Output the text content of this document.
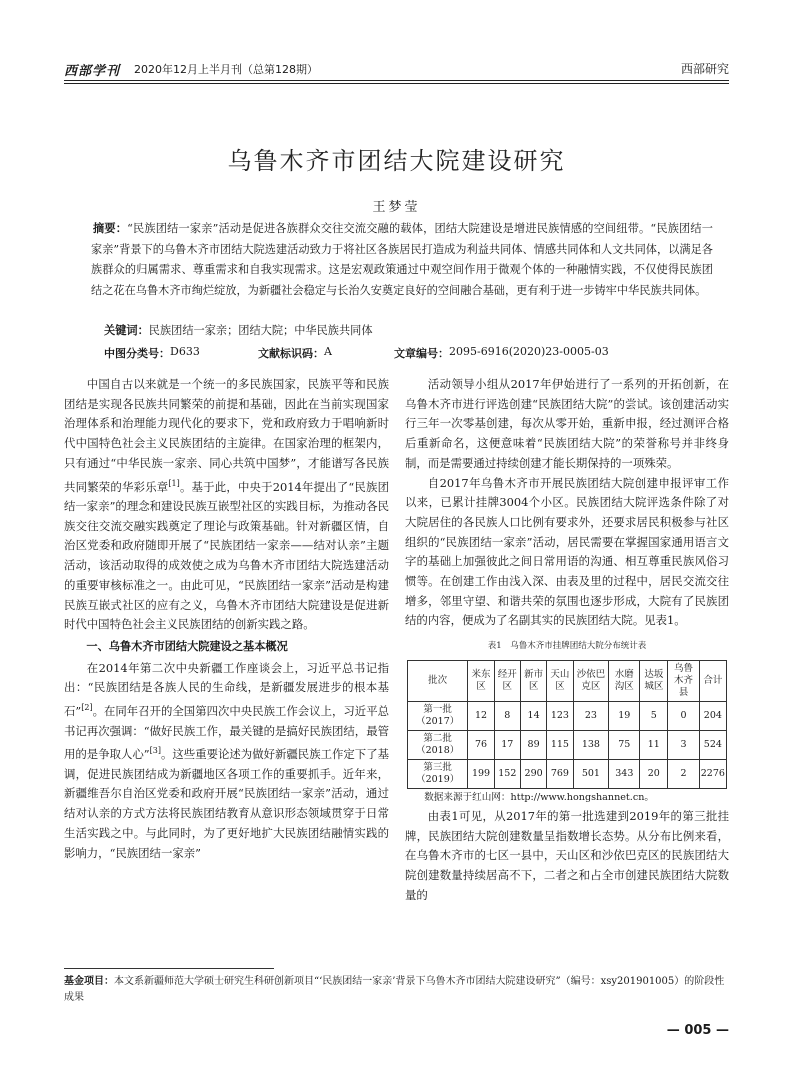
西部学刊 2020年12月上半月刊（总第128期）	西部研究
乌鲁木齐市团结大院建设研究
王梦莹
摘要：“民族团结一家亲”活动是促进各族群众交往交流交融的载体，团结大院建设是增进民族情感的空间纽带。“民族团结一家亲”背景下的乌鲁木齐市团结大院选建活动致力于将社区各族居民打造成为利益共同体、情感共同体和人文共同体，以满足各族群众的归属需求、尊重需求和自我实现需求。这是宏观政策通过中观空间作用于微观个体的一种融情实践，不仅使得民族团结之花在乌鲁木齐市绚烂绽放，为新疆社会稳定与长治久安奠定良好的空间融合基础，更有利于进一步铸牢中华民族共同体。
关键词：民族团结一家亲；团结大院；中华民族共同体
中图分类号： D633	文献标识码： A	文章编号： 2095-6916(2020)23-0005-03

中国自古以来就是一个统一的多民族国家，民族平等和民族团结是实现各民族共同繁荣的前提和基础，因此在当前实现国家治理体系和治理能力现代化的要求下，党和政府致力于唱响新时代中国特色社会主义民族团结的主旋律。在国家治理的框架内，只有通过“中华民族一家亲、同心共筑中国梦”，才能谱写各民族共同繁荣的华彩乐章[1]。基于此，中央于2014年提出了“民族团结一家亲”的理念和建设民族互嵌型社区的实践目标，为推动各民族交往交流交融实践奠定了理论与政策基础。针对新疆区情，自治区党委和政府随即开展了“民族团结一家亲——结对认亲”主题活动，该活动取得的成效使之成为乌鲁木齐市团结大院选建活动的重要审核标准之一。由此可见，“民族团结一家亲”活动是构建民族互嵌式社区的应有之义，乌鲁木齐市团结大院建设是促进新时代中国特色社会主义民族团结的创新实践之路。

一、乌鲁木齐市团结大院建设之基本概况

在2014年第二次中央新疆工作座谈会上，习近平总书记指出：“民族团结是各族人民的生命线，是新疆发展进步的根本基石”[2]。在同年召开的全国第四次中央民族工作会议上，习近平总书记再次强调：“做好民族工作，最关键的是搞好民族团结，最管用的是争取人心”[3]。这些重要论述为做好新疆民族工作定下了基调，促进民族团结成为新疆地区各项工作的重要抓手。近年来，新疆维吾尔自治区党委和政府开展“民族团结一家亲”活动，通过结对认亲的方式方法将民族团结教育从意识形态领域贯穿于日常生活实践之中。与此同时，为了更好地扩大民族团结融情实践的影响力，“民族团结一家亲”

活动领导小组从2017年伊始进行了一系列的开拓创新，在乌鲁木齐市进行评选创建“民族团结大院”的尝试。该创建活动实行三年一次零基创建，每次从零开始，重新申报，经过测评合格后重新命名，这便意味着“民族团结大院”的荣誉称号并非终身制，而是需要通过持续创建才能长期保持的一项殊荣。

自2017年乌鲁木齐市开展民族团结大院创建申报评审工作以来，已累计挂牌3004个小区。民族团结大院评选条件除了对大院居住的各民族人口比例有要求外，还要求居民积极参与社区组织的“民族团结一家亲”活动，居民需要在掌握国家通用语言文字的基础上加强彼此之间日常用语的沟通、相互尊重民族风俗习惯等。在创建工作由浅入深、由表及里的过程中，居民交流交往增多，邻里守望、和谐共荣的氛围也逐步形成，大院有了民族团结的内容，便成为了名副其实的民族团结大院。见表1。

表1　乌鲁木齐市挂牌团结大院分布统计表
批次	米东区	经开区	新市区	天山区	沙依巴克区	水磨沟区	达坂城区	乌鲁木齐县	合计
第一批（2017）	12	8	14	123	23	19	5	0	204
第二批（2018）	76	17	89	115	138	75	11	3	524
第三批（2019）	199	152	290	769	501	343	20	2	2276
数据来源于红山网：http://www.hongshannet.cn。

由表1可见，从2017年的第一批选建到2019年的第三批挂牌，民族团结大院创建数量呈指数增长态势。从分布比例来看，在乌鲁木齐市的七区一县中，天山区和沙依巴克区的民族团结大院创建数量持续居高不下，二者之和占全市创建民族团结大院数量的

基金项目：本文系新疆师范大学硕士研究生科研创新项目“‘民族团结一家亲’背景下乌鲁木齐市团结大院建设研究”（编号：xsy201901005）的阶段性成果
— 005 —
